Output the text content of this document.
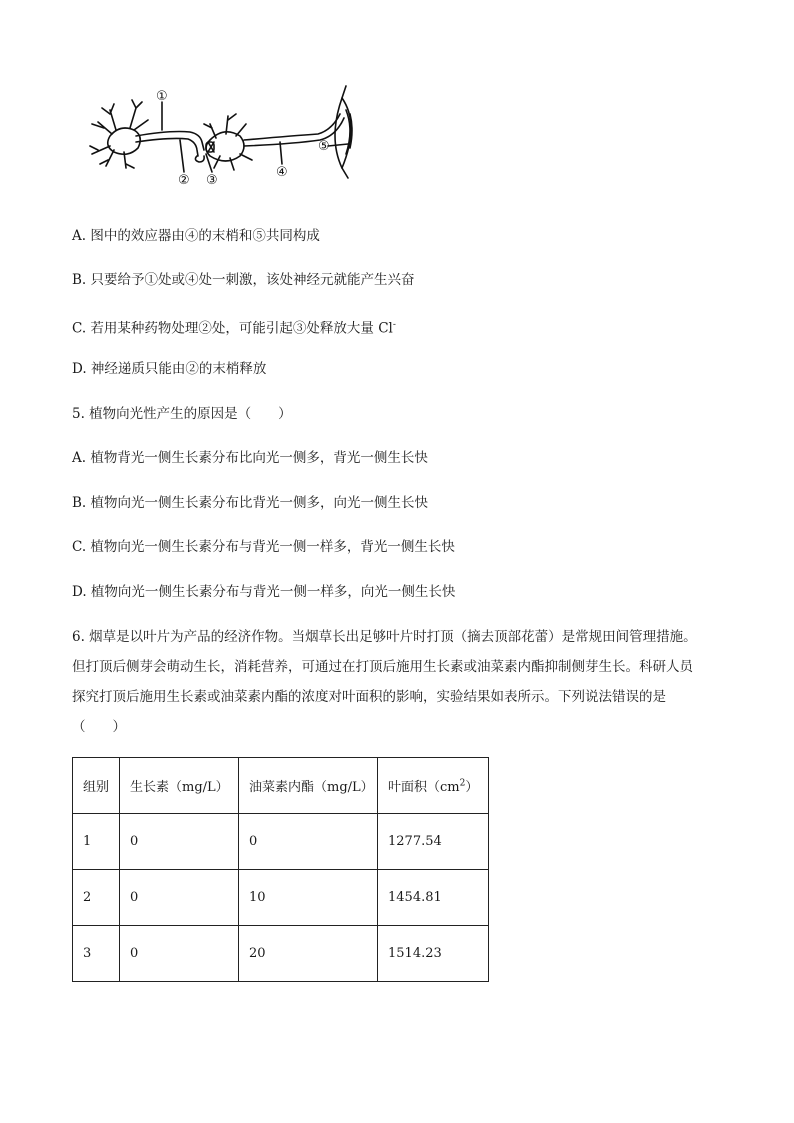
①
② ③
④
⑤
A. 图中的效应器由④的末梢和⑤共同构成
B. 只要给予①处或④处一刺激，该处神经元就能产生兴奋
C. 若用某种药物处理②处，可能引起③处释放大量 Cl-
D. 神经递质只能由②的末梢释放
5. 植物向光性产生的原因是（　　）
A. 植物背光一侧生长素分布比向光一侧多，背光一侧生长快
B. 植物向光一侧生长素分布比背光一侧多，向光一侧生长快
C. 植物向光一侧生长素分布与背光一侧一样多，背光一侧生长快
D. 植物向光一侧生长素分布与背光一侧一样多，向光一侧生长快
6. 烟草是以叶片为产品的经济作物。当烟草长出足够叶片时打顶（摘去顶部花蕾）是常规田间管理措施。
但打顶后侧芽会萌动生长，消耗营养，可通过在打顶后施用生长素或油菜素内酯抑制侧芽生长。科研人员
探究打顶后施用生长素或油菜素内酯的浓度对叶面积的影响，实验结果如表所示。下列说法错误的是
（　　）
组别	生长素（mg/L）	油菜素内酯（mg/L）	叶面积$(cm^2)$
1	0	0	1277.54
2	0	10	1454.81
3	0	20	1514.23
